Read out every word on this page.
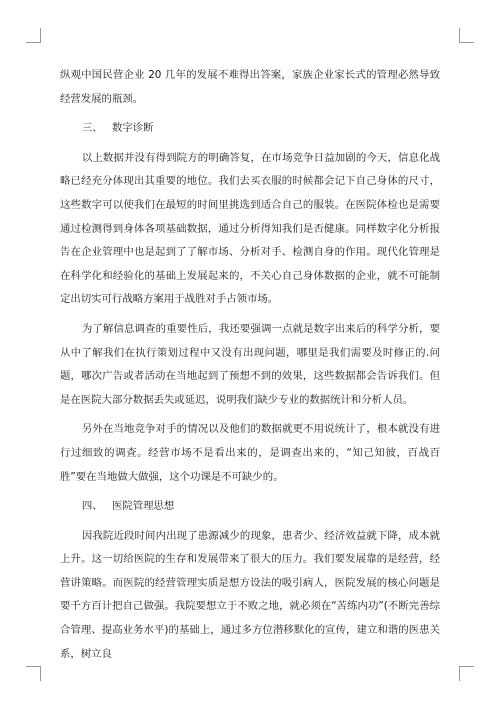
纵观中国民营企业 20 几年的发展不难得出答案，家族企业家长式的管理必然导致经营发展的瓶颈。

三、 数字诊断

以上数据并没有得到院方的明确答复，在市场竞争日益加剧的今天，信息化战略已经充分体现出其重要的地位。我们去买衣服的时候都会记下自己身体的尺寸，这些数字可以使我们在最短的时间里挑选到适合自己的服装。在医院体检也是需要通过检测得到身体各项基础数据，通过分析得知我们是否健康。同样数字化分析报告在企业管理中也是起到了了解市场、分析对手、检测自身的作用。现代化管理是在科学化和经验化的基础上发展起来的，不关心自己身体数据的企业，就不可能制定出切实可行战略方案用于战胜对手占领市场。

为了解信息调查的重要性后，我还要强调一点就是数字出来后的科学分析，要从中了解我们在执行策划过程中又没有出现问题，哪里是我们需要及时修正的.问题，哪次广告或者活动在当地起到了预想不到的效果，这些数据都会告诉我们。但是在医院大部分数据丢失或延迟，说明我们缺少专业的数据统计和分析人员。

另外在当地竞争对手的情况以及他们的数据就更不用说统计了，根本就没有进行过细致的调查。经营市场不是看出来的，是调查出来的，“知己知彼，百战百胜”要在当地做大做强，这个功课是不可缺少的。

四、 医院管理思想

因我院近段时间内出现了患源减少的现象，患者少、经济效益就下降，成本就上升。这一切给医院的生存和发展带来了很大的压力。我们要发展靠的是经营，经营讲策略。而医院的经营管理实质是想方设法的吸引病人，医院发展的核心问题是要千方百计把自己做强。我院要想立于不败之地，就必须在“苦练内功”(不断完善综合管理、提高业务水平)的基础上，通过多方位潜移默化的宣传，建立和谐的医患关系，树立良
